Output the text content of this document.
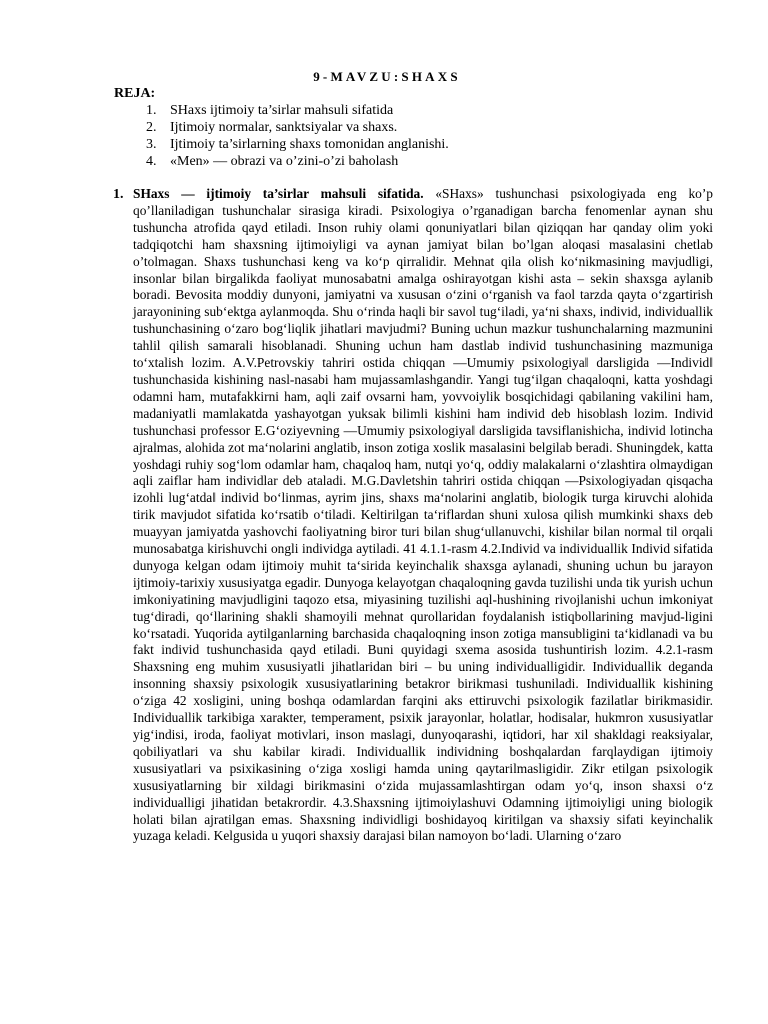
9-MAVZU:SHAXS

REJA:

1. SHaxs ijtimoiy ta’sirlar mahsuli sifatida
2. Ijtimoiy normalar, sanktsiyalar va shaxs.
3. Ijtimoiy ta’sirlarning shaxs tomonidan anglanishi.
4. «Men» — obrazi va o’zini-o’zi baholash
1. SHaxs — ijtimoiy ta’sirlar mahsuli sifatida. «SHaxs» tushunchasi psixologiyada eng ko’p qo’llaniladigan tushunchalar sirasiga kiradi. Psixologiya o’rganadigan barcha fenomenlar aynan shu tushuncha atrofida qayd etiladi. Inson ruhiy olami qonuniyatlari bilan qiziqqan har qanday olim yoki tadqiqotchi ham shaxsning ijtimoiyligi va aynan jamiyat bilan bo’lgan aloqasi masalasini chetlab o’tolmagan. Shaxs tushunchasi keng va ko‘p qirralidir. Mehnat qila olish ko‘nikmasining mavjudligi, insonlar bilan birgalikda faoliyat munosabatni amalga oshirayotgan kishi asta – sekin shaxsga aylanib boradi. Bevosita moddiy dunyoni, jamiyatni va xususan o‘zini o‘rganish va faol tarzda qayta o‘zgartirish jarayonining sub‘ektga aylanmoqda. Shu o‘rinda haqli bir savol tug‘iladi, ya‘ni shaxs, individ, individuallik tushunchasining o‘zaro bog‘liqlik jihatlari mavjudmi? Buning uchun mazkur tushunchalarning mazmunini tahlil qilish samarali hisoblanadi. Shuning uchun ham dastlab individ tushunchasining mazmuniga to‘xtalish lozim. A.V.Petrovskiy tahriri ostida chiqqan ―Umumiy psixologiya‖ darsligida ―Individ‖ tushunchasida kishining nasl-nasabi ham mujassamlashgandir. Yangi tug‘ilgan chaqaloqni, katta yoshdagi odamni ham, mutafakkirni ham, aqli zaif ovsarni ham, yovvoiylik bosqichidagi qabilaning vakilini ham, madaniyatli mamlakatda yashayotgan yuksak bilimli kishini ham individ deb hisoblash lozim. Individ tushunchasi professor E.G‘oziyevning ―Umumiy psixologiya‖ darsligida tavsiflanishicha, individ lotincha ajralmas, alohida zot ma‘nolarini anglatib, inson zotiga xoslik masalasini belgilab beradi. Shuningdek, katta yoshdagi ruhiy sog‘lom odamlar ham, chaqaloq ham, nutqi yo‘q, oddiy malakalarni o‘zlashtira olmaydigan aqli zaiflar ham individlar deb ataladi. M.G.Davletshin tahriri ostida chiqqan ―Psixologiyadan qisqacha izohli lug‘atda‖ individ bo‘linmas, ayrim jins, shaxs ma‘nolarini anglatib, biologik turga kiruvchi alohida tirik mavjudot sifatida ko‘rsatib o‘tiladi. Keltirilgan ta‘riflardan shuni xulosa qilish mumkinki shaxs deb muayyan jamiyatda yashovchi faoliyatning biror turi bilan shug‘ullanuvchi, kishilar bilan normal til orqali munosabatga kirishuvchi ongli individga aytiladi. 41 4.1.1-rasm 4.2.Individ va individuallik Individ sifatida dunyoga kelgan odam ijtimoiy muhit ta‘sirida keyinchalik shaxsga aylanadi, shuning uchun bu jarayon ijtimoiy-tarixiy xususiyatga egadir. Dunyoga kelayotgan chaqaloqning gavda tuzilishi unda tik yurish uchun imkoniyatining mavjudligini taqozo etsa, miyasining tuzilishi aql-hushining rivojlanishi uchun imkoniyat tug‘diradi, qo‘llarining shakli shamoyili mehnat qurollaridan foydalanish istiqbollarining mavjud-ligini ko‘rsatadi. Yuqorida aytilganlarning barchasida chaqaloqning inson zotiga mansubligini ta‘kidlanadi va bu fakt individ tushunchasida qayd etiladi. Buni quyidagi sxema asosida tushuntirish lozim. 4.2.1-rasm Shaxsning eng muhim xususiyatli jihatlaridan biri – bu uning individualligidir. Individuallik deganda insonning shaxsiy psixologik xususiyatlarining betakror birikmasi tushuniladi. Individuallik kishining o‘ziga 42 xosligini, uning boshqa odamlardan farqini aks ettiruvchi psixologik fazilatlar birikmasidir. Individuallik tarkibiga xarakter, temperament, psixik jarayonlar, holatlar, hodisalar, hukmron xususiyatlar yig‘indisi, iroda, faoliyat motivlari, inson maslagi, dunyoqarashi, iqtidori, har xil shakldagi reaksiyalar, qobiliyatlari va shu kabilar kiradi. Individuallik individning boshqalardan farqlaydigan ijtimoiy xususiyatlari va psixikasining o‘ziga xosligi hamda uning qaytarilmasligidir. Zikr etilgan psixologik xususiyatlarning bir xildagi birikmasini o‘zida mujassamlashtirgan odam yo‘q, inson shaxsi o‘z individualligi jihatidan betakrordir. 4.3.Shaxsning ijtimoiylashuvi Odamning ijtimoiyligi uning biologik holati bilan ajratilgan emas. Shaxsning individligi boshidayoq kiritilgan va shaxsiy sifati keyinchalik yuzaga keladi. Kelgusida u yuqori shaxsiy darajasi bilan namoyon bo‘ladi. Ularning o‘zaro
